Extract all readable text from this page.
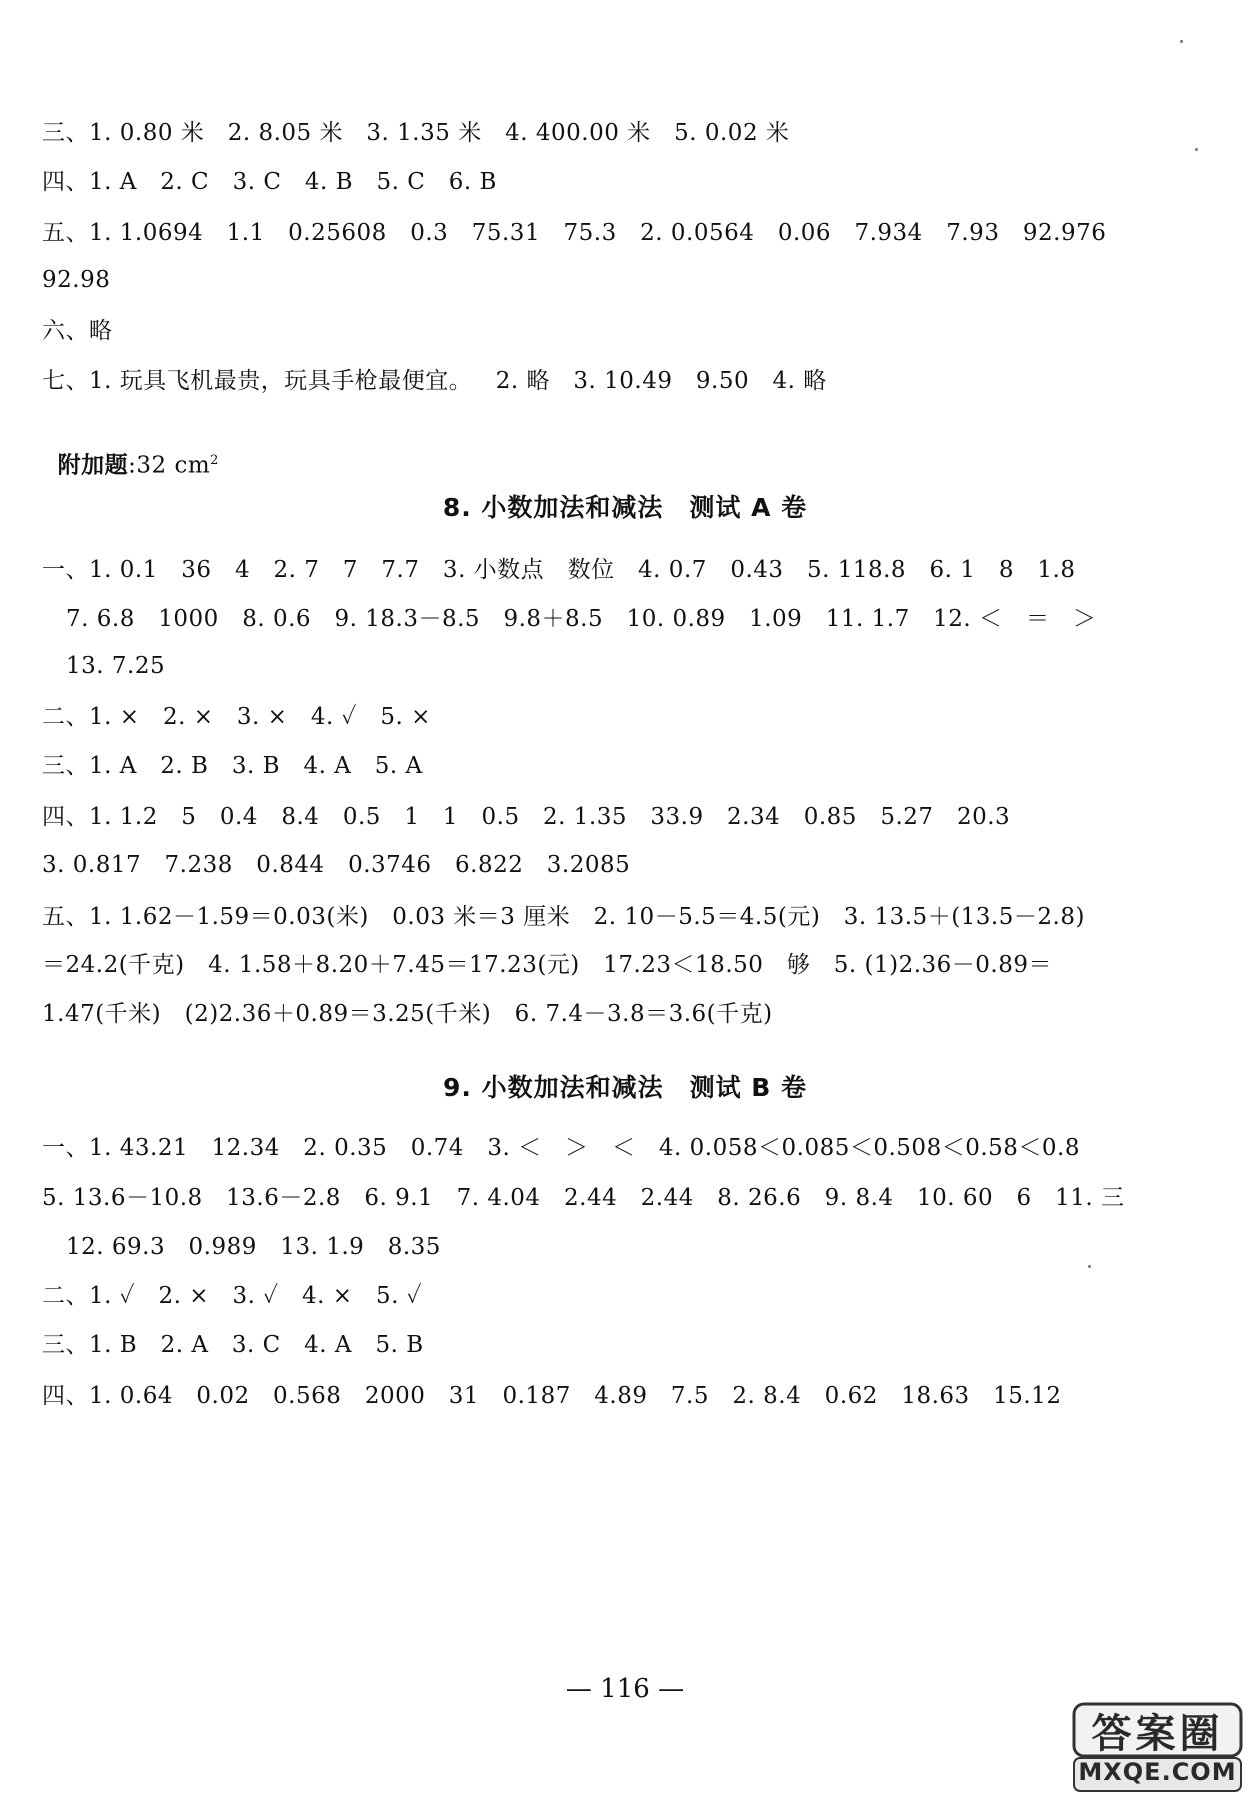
三、1. 0.80 米   2. 8.05 米   3. 1.35 米   4. 400.00 米   5. 0.02 米
四、1. A   2. C   3. C   4. B   5. C   6. B
五、1. 1.0694   1.1   0.25608   0.3   75.31   75.3   2. 0.0564   0.06   7.934   7.93   92.976
92.98
六、略
七、1. 玩具飞机最贵，玩具手枪最便宜。   2. 略   3. 10.49   9.50   4. 略

附加题:32 $cm^2$

8. 小数加法和减法　测试 A 卷
一、1. 0.1   36   4   2. 7   7   7.7   3. 小数点   数位   4. 0.7   0.43   5. 118.8   6. 1   8   1.8
7. 6.8   1000   8. 0.6   9. 18.3－8.5   9.8＋8.5   10. 0.89   1.09   11. 1.7   12. ＜   ＝   ＞
13. 7.25
二、1. ×   2. ×   3. ×   4. ✓   5. ×
三、1. A   2. B   3. B   4. A   5. A
四、1. 1.2   5   0.4   8.4   0.5   1   1   0.5   2. 1.35   33.9   2.34   0.85   5.27   20.3
3. 0.817   7.238   0.844   0.3746   6.822   3.2085
五、1. 1.62－1.59＝0.03(米)   0.03 米＝3 厘米   2. 10－5.5＝4.5(元)   3. 13.5＋(13.5－2.8)
＝24.2(千克)   4. 1.58＋8.20＋7.45＝17.23(元)   17.23＜18.50   够   5. (1)2.36－0.89＝
1.47(千米)   (2)2.36＋0.89＝3.25(千米)   6. 7.4－3.8＝3.6(千克)
9. 小数加法和减法　测试 B 卷
一、1. 43.21   12.34   2. 0.35   0.74   3. ＜   ＞   ＜   4. 0.058＜0.085＜0.508＜0.58＜0.8
5. 13.6－10.8   13.6－2.8   6. 9.1   7. 4.04   2.44   2.44   8. 26.6   9. 8.4   10. 60   6   11. 三
12. 69.3   0.989   13. 1.9   8.35
二、1. ✓   2. ×   3. ✓   4. ×   5. ✓
三、1. B   2. A   3. C   4. A   5. B
四、1. 0.64   0.02   0.568   2000   31   0.187   4.89   7.5   2. 8.4   0.62   18.63   15.12
— 116 —
答案圈
MXQE.COM
